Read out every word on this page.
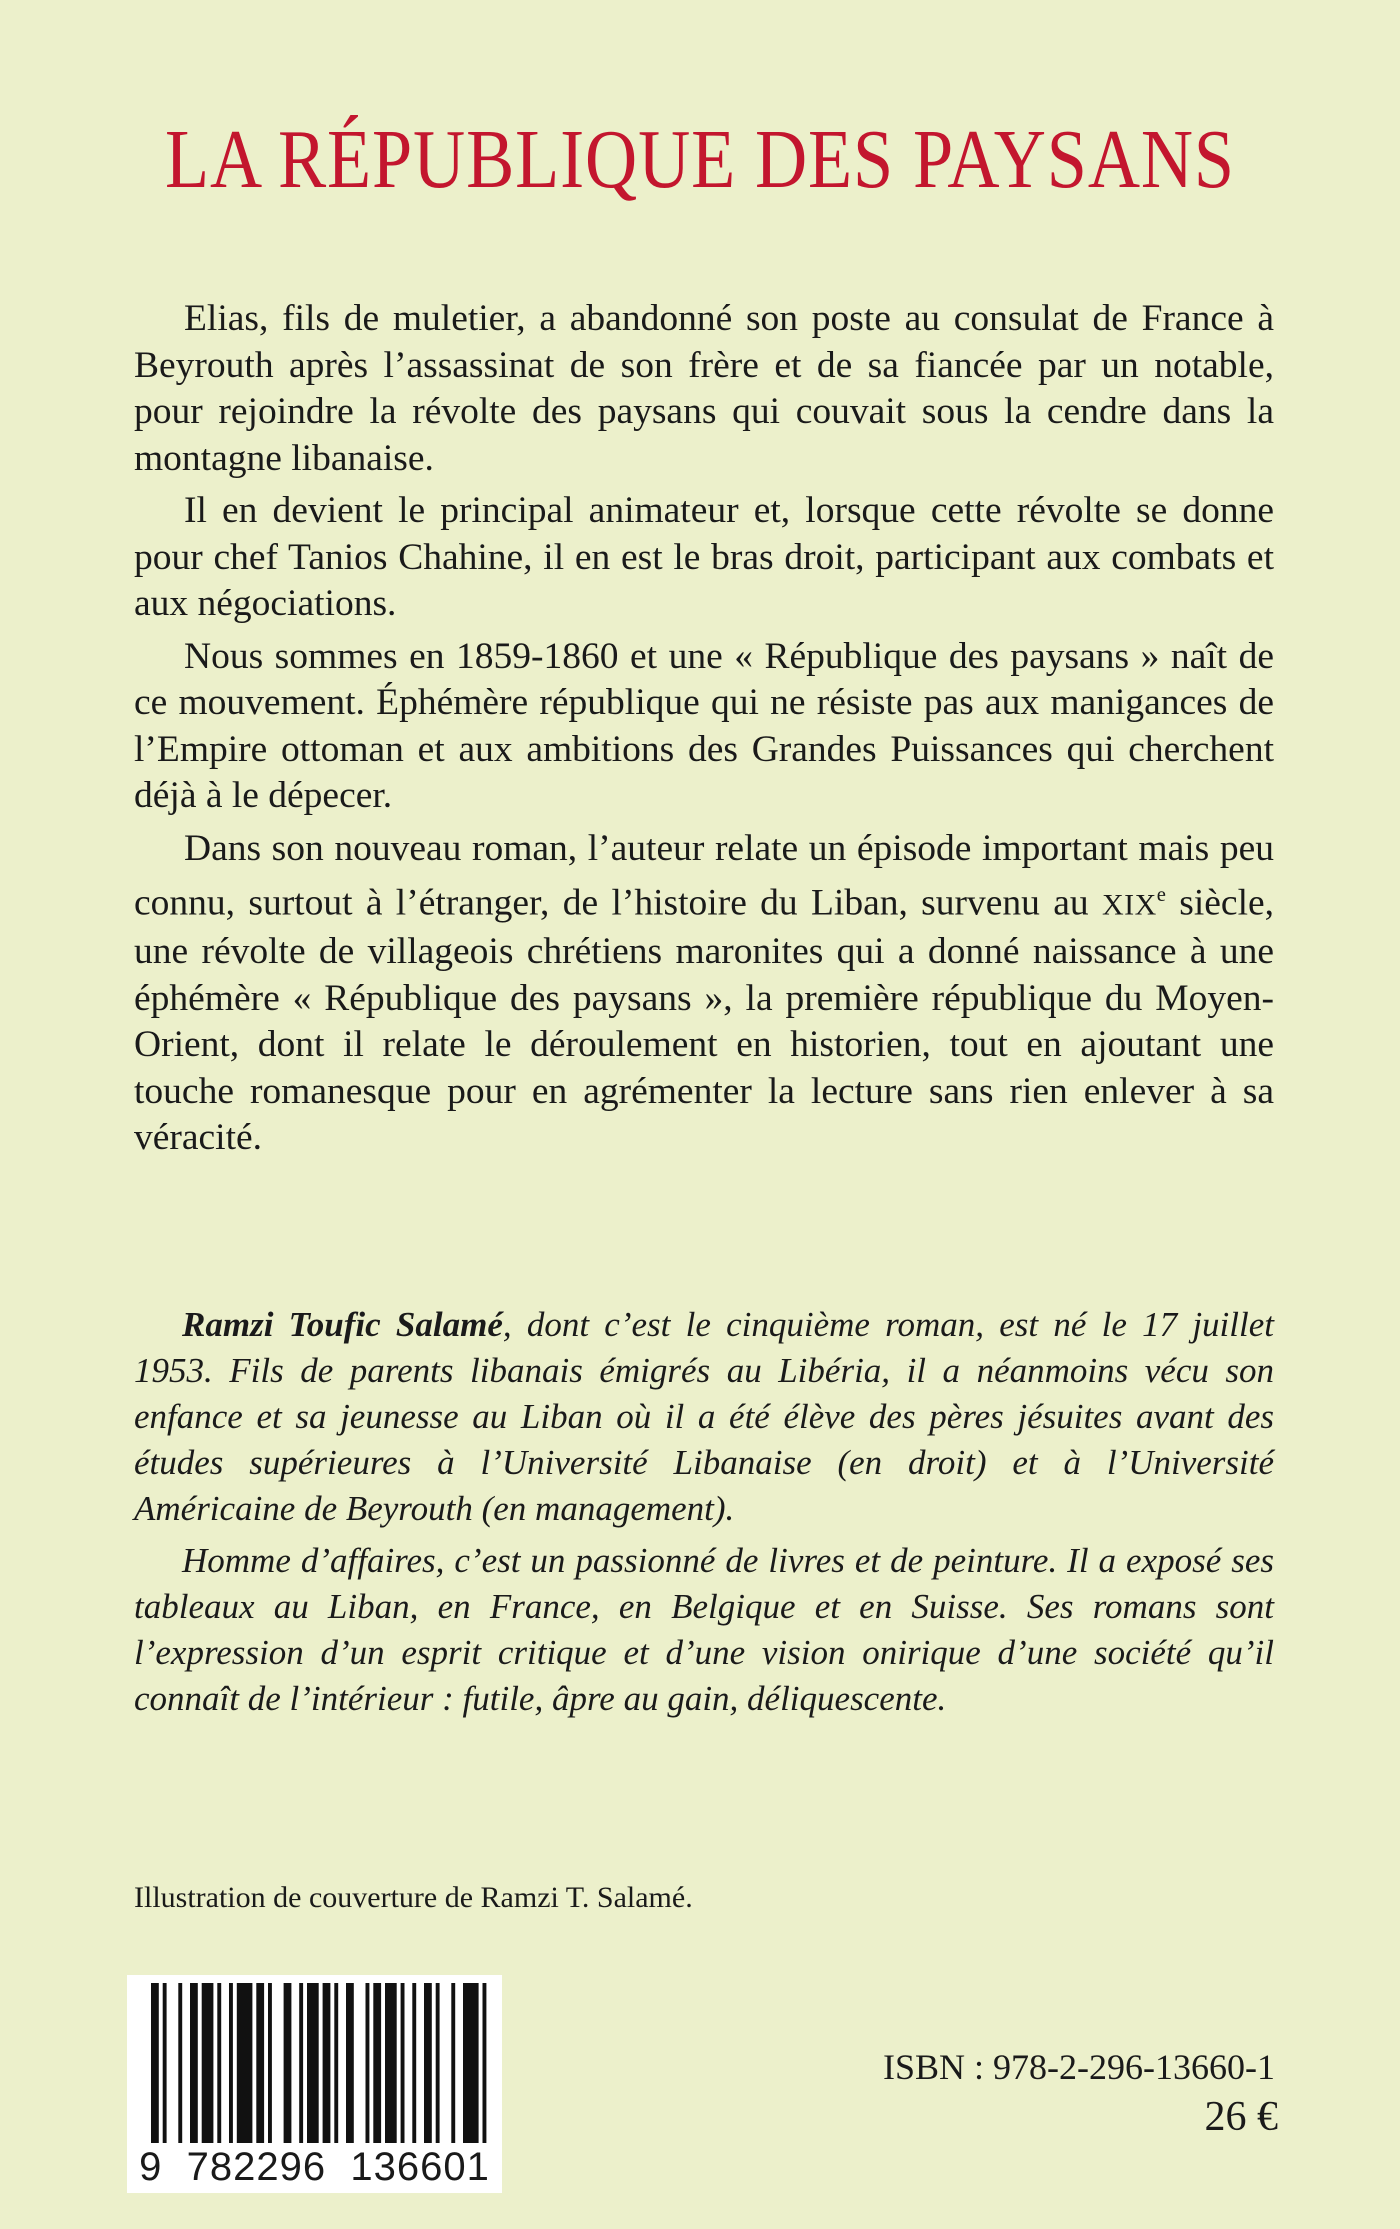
LA RÉPUBLIQUE DES PAYSANS

Elias, fils de muletier, a abandonné son poste au consulat de France à Beyrouth après l’assassinat de son frère et de sa fiancée par un notable, pour rejoindre la révolte des paysans qui couvait sous la cendre dans la montagne libanaise.

Il en devient le principal animateur et, lorsque cette révolte se donne pour chef Tanios Chahine, il en est le bras droit, participant aux combats et aux négociations.

Nous sommes en 1859-1860 et une « République des paysans » naît de ce mouvement. Éphémère république qui ne résiste pas aux manigances de l’Empire ottoman et aux ambitions des Grandes Puissances qui cherchent déjà à le dépecer.

Dans son nouveau roman, l’auteur relate un épisode important mais peu connu, surtout à l’étranger, de l’histoire du Liban, survenu au XIXe siècle, une révolte de villageois chrétiens maronites qui a donné naissance à une éphémère « République des paysans », la première république du Moyen-Orient, dont il relate le déroulement en historien, tout en ajoutant une touche romanesque pour en agrémenter la lecture sans rien enlever à sa véracité.

Ramzi Toufic Salamé, dont c’est le cinquième roman, est né le 17 juillet 1953. Fils de parents libanais émigrés au Libéria, il a néanmoins vécu son enfance et sa jeunesse au Liban où il a été élève des pères jésuites avant des études supérieures à l’Université Libanaise (en droit) et à l’Université Américaine de Beyrouth (en management).

Homme d’affaires, c’est un passionné de livres et de peinture. Il a exposé ses tableaux au Liban, en France, en Belgique et en Suisse. Ses romans sont l’expression d’un esprit critique et d’une vision onirique d’une société qu’il connaît de l’intérieur : futile, âpre au gain, déliquescente.

Illustration de couverture de Ramzi T. Salamé.
9 782296 136601
ISBN : 978-2-296-13660-1
26 €
